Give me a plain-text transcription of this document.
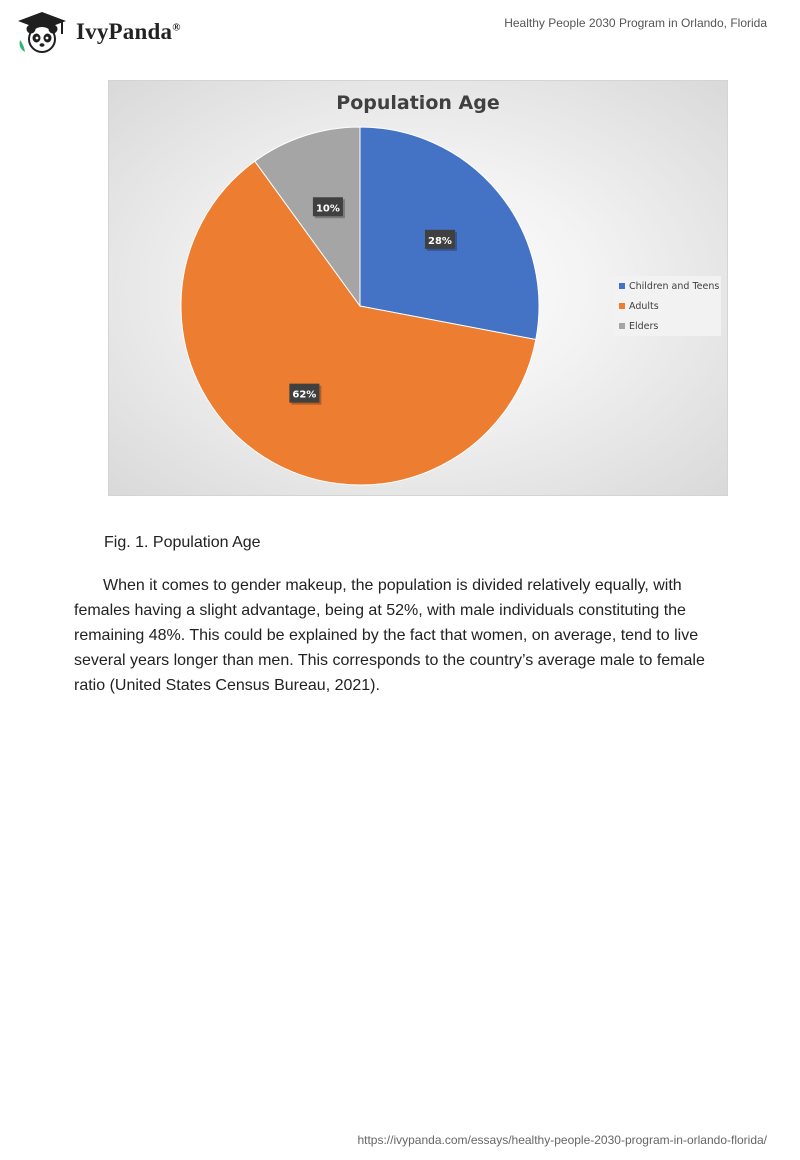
IvyPanda®	Healthy People 2030 Program in Orlando, Florida
Population Age
28%
62%
10%
Children and Teens
Adults
Elders
Fig. 1. Population Age

When it comes to gender makeup, the population is divided relatively equally, with females having a slight advantage, being at 52%, with male individuals constituting the remaining 48%. This could be explained by the fact that women, on average, tend to live several years longer than men. This corresponds to the country’s average male to female ratio (United States Census Bureau, 2021).

https://ivypanda.com/essays/healthy-people-2030-program-in-orlando-florida/
